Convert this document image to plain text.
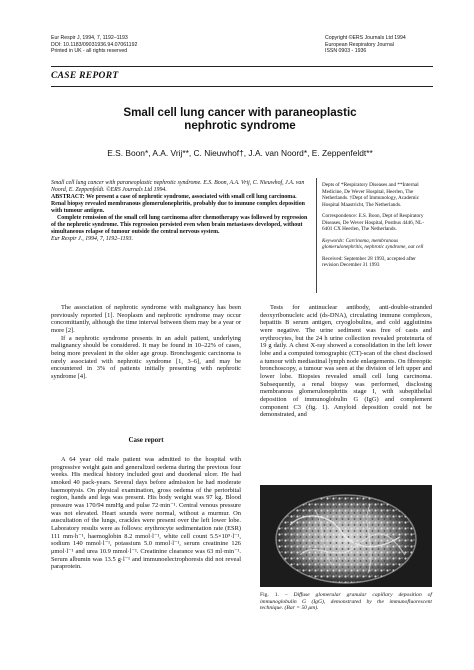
Eur Respir J, 1994, 7, 1192–1193
DOI: 10.1183/09031936.94.07061192
Printed in UK - all rights reserved
Copyright ©ERS Journals Ltd 1994
European Respiratory Journal
ISSN 0903 - 1936
CASE REPORT
Small cell lung cancer with paraneoplastic
nephrotic syndrome
E.S. Boon*, A.A. Vrij**, C. Nieuwhof†, J.A. van Noord*, E. Zeppenfeldt**

Small cell lung cancer with paraneoplastic nephrotic syndrome. E.S. Boon, A.A. Vrij, C. Nieuwhof, J.A. van Noord, E. Zeppenfeldt. ©ERS Journals Ltd 1994.

ABSTRACT: We present a case of nephrotic syndrome, associated with small cell lung carcinoma. Renal biopsy revealed membranous glomerulonephritis, probably due to immune complex deposition with tumour antigen.

Complete remission of the small cell lung carcinoma after chemotherapy was followed by regression of the nephrotic syndrome. This regression persisted even when brain metastases developed, without simultaneous relapse of tumour outside the central nervous system.

Eur Respir J., 1994, 7, 1192–1193.

Depts of *Respiratory Diseases and **Internal Medicine, De Wever Hospital, Heerlen, The Netherlands. †Dept of Immunology, Academic Hospital Maastricht, The Netherlands.

Correspondence: E.S. Boon, Dept of Respiratory Diseases, De Wever Hospital, Postbus 4446, NL-6401 CX Heerlen, The Netherlands.

Keywords: Carcinoma, membranous glomerulonephritis, nephrotic syndrome, oat cell

Received: September 28 1993, accepted after revision December 31 1993

The association of nephrotic syndrome with malignancy has been previously reported [1]. Neoplasm and nephrotic syndrome may occur concomittantly, although the time interval between them may be a year or more [2].

If a nephrotic syndrome presents in an adult patient, underlying malignancy should be considered. It may be found in 10–22% of cases, being more prevalent in the older age group. Bronchogenic carcinoma is rarely associated with nephrotic syndrome [1, 3–6], and may be encountered in 3% of patients initially presenting with nephrotic syndrome [4].

Case report

A 64 year old male patient was admitted to the hospital with progressive weight gain and generalized oedema during the previous four weeks. His medical history included gout and duodenal ulcer. He had smoked 40 pack-years. Several days before admission he had moderate haemoptysis. On physical examination, gross oedema of the periorbital region, hands and legs was present. His body weight was 97 kg. Blood pressure was 170/94 mmHg and pulse 72·min⁻¹. Central venous pressure was not elevated. Heart sounds were normal, without a murmur. On auscultation of the lungs, crackles were present over the left lower lobe. Laboratory results were as follows: erythrocyte sedimentation rate (ESR) 111 mm·h⁻¹, haemoglobin 8.2 mmol·l⁻¹, white cell count 5.5×10⁹·l⁻¹, sodium 140 mmol·l⁻¹, potassium 5.0 mmol·l⁻¹, serum creatinine 126 μmol·l⁻¹ and urea 10.9 mmol·l⁻¹. Creatinine clearance was 63 ml·min⁻¹. Serum albumin was 13.5 g·l⁻¹ and immunoelectrophoresis did not reveal paraprotein.

Tests for antinuclear antibody, anti-double-stranded deoxyribonucleic acid (ds-DNA), circulating immune complexes, hepatitis B serum antigen, cryoglobulins, and cold agglutinins were negative. The urine sediment was free of casts and erythrocytes, but the 24 h urine collection revealed proteinuria of 19 g daily. A chest X-ray showed a consolidation in the left lower lobe and a computed tomographic (CT)-scan of the chest disclosed a tumour with mediastinal lymph node enlargements. On fibreoptic bronchoscopy, a tumour was seen at the division of left upper and lower lobe. Biopsies revealed small cell lung carcinoma. Subsequently, a renal biopsy was performed, disclosing membranous glomerulonephritis stage I, with subepithelial deposition of immunoglobulin G (IgG) and complement component C3 (fig. 1). Amyloid deposition could not be demonstrated, and

Fig. 1. – Diffuse glomerular granular capillary deposition of immunoglobulin G (IgG), demonstrated by the immunofluorescent technique. (Bar = 50 μm).
